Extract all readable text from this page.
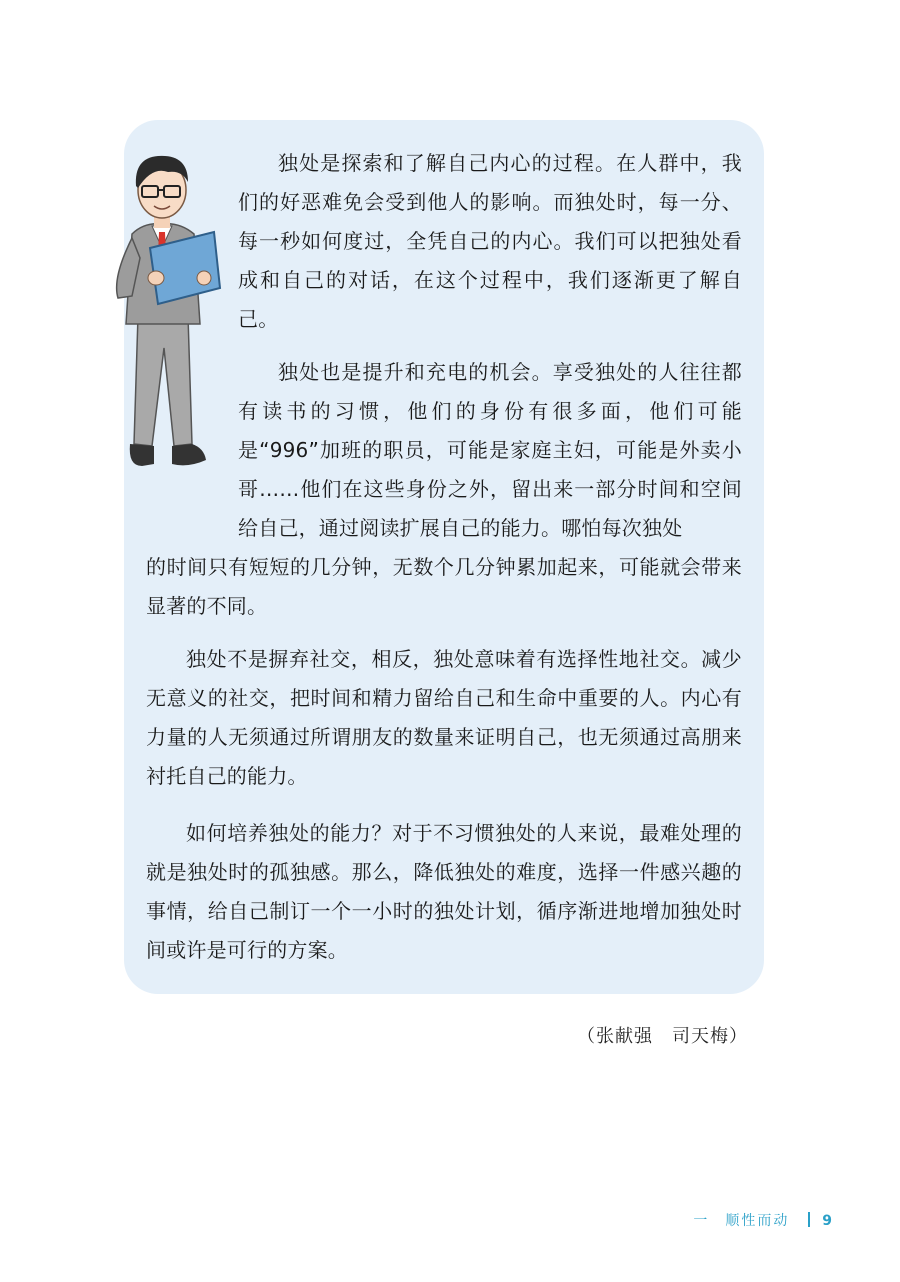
独处是探索和了解自己内心的过程。在人群中，我们的好恶难免会受到他人的影响。而独处时，每一分、每一秒如何度过，全凭自己的内心。我们可以把独处看成和自己的对话，在这个过程中，我们逐渐更了解自己。

独处也是提升和充电的机会。享受独处的人往往都有读书的习惯，他们的身份有很多面，他们可能是“996”加班的职员，可能是家庭主妇，可能是外卖小哥……他们在这些身份之外，留出来一部分时间和空间给自己，通过阅读扩展自己的能力。哪怕每次独处

的时间只有短短的几分钟，无数个几分钟累加起来，可能就会带来显著的不同。

独处不是摒弃社交，相反，独处意味着有选择性地社交。减少无意义的社交，把时间和精力留给自己和生命中重要的人。内心有力量的人无须通过所谓朋友的数量来证明自己，也无须通过高朋来衬托自己的能力。

如何培养独处的能力？对于不习惯独处的人来说，最难处理的就是独处时的孤独感。那么，降低独处的难度，选择一件感兴趣的事情，给自己制订一个一小时的独处计划，循序渐进地增加独处时间或许是可行的方案。

（张献强　司天梅）
一　顺性而动 9
